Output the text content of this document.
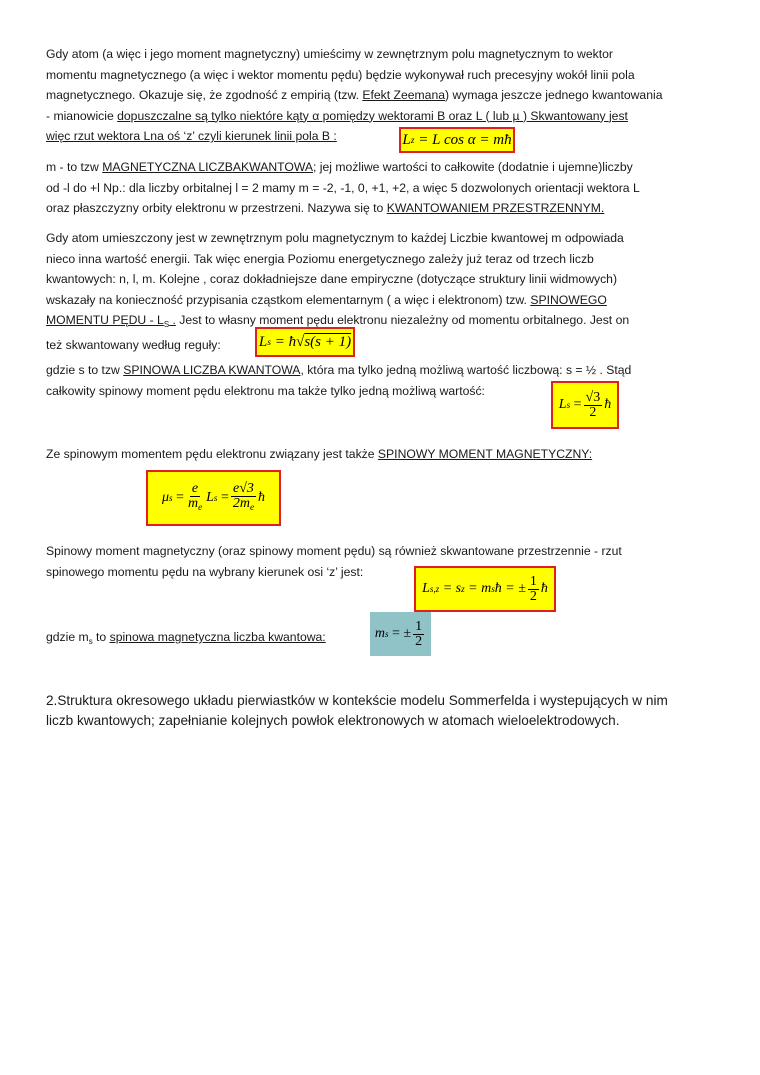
Gdy atom (a więc i jego moment magnetyczny) umieścimy w zewnętrznym polu magnetycznym to wektor
momentu magnetycznego (a więc i wektor momentu pędu) będzie wykonywał ruch precesyjny wokół linii pola
magnetycznego. Okazuje się, że zgodność z empirią (tzw. Efekt Zeemana) wymaga jeszcze jednego kwantowania
- mianowicie dopuszczalne są tylko niektóre kąty α pomiędzy wektorami B oraz L ( lub µ ) Skwantowany jest
więc rzut wektora Lna oś ‘z’ czyli kierunek linii pola B :	L z
= L cos α = mħ
m - to tzw MAGNETYCZNA LICZBAKWANTOWA; jej możliwe wartości to całkowite (dodatnie i ujemne)liczby
od -l do +l Np.: dla liczby orbitalnej l = 2 mamy m = -2, -1, 0, +1, +2, a więc 5 dozwolonych orientacji wektora L
oraz płaszczyzny orbity elektronu w przestrzeni. Nazywa się to KWANTOWANIEM PRZESTRZENNYM.
Gdy atom umieszczony jest w zewnętrznym polu magnetycznym to każdej Liczbie kwantowej m odpowiada
nieco inna wartość energii. Tak więc energia Poziomu energetycznego zależy już teraz od trzech liczb
kwantowych: n, l, m. Kolejne , coraz dokładniejsze dane empiryczne (dotyczące struktury linii widmowych)
wskazały na konieczność przypisania cząstkom elementarnym ( a więc i elektronom) tzw. SPINOWEGO
MOMENTU PĘDU - $L_S$ . Jest to własny moment pędu elektronu niezależny od momentu orbitalnego. Jest on
też skwantowany według reguły:	L s
= ħ √ s(s + 1)
gdzie s to tzw SPINOWA LICZBA KWANTOWA, która ma tylko jedną możliwą wartość liczbową: s = ½ . Stąd
całkowity spinowy moment pędu elektronu ma także tylko jedną możliwą wartość:
L s
= $\frac{√3}{2}$ ħ
Ze spinowym momentem pędu elektronu związany jest także SPINOWY MOMENT MAGNETYCZNY:
μ s
= $\frac{e}{m_e}$ L s
= $\frac{e√3}{2m_e}$ ħ
Spinowy moment magnetyczny (oraz spinowy moment pędu) są również skwantowane przestrzennie - rzut
spinowego momentu pędu na wybrany kierunek osi ‘z’ jest:
L s,z
= s z
= m s ħ = ± $\frac{1}{2}$ ħ
gdzie $m_s$ to spinowa magnetyczna liczba kwantowa:	m s
= ± $\frac{1}{2}$
2.Struktura okresowego układu pierwiastków w kontekście modelu Sommerfelda i wystepujących w nim
liczb kwantowych; zapełnianie kolejnych powłok elektronowych w atomach wieloelektrodowych.
